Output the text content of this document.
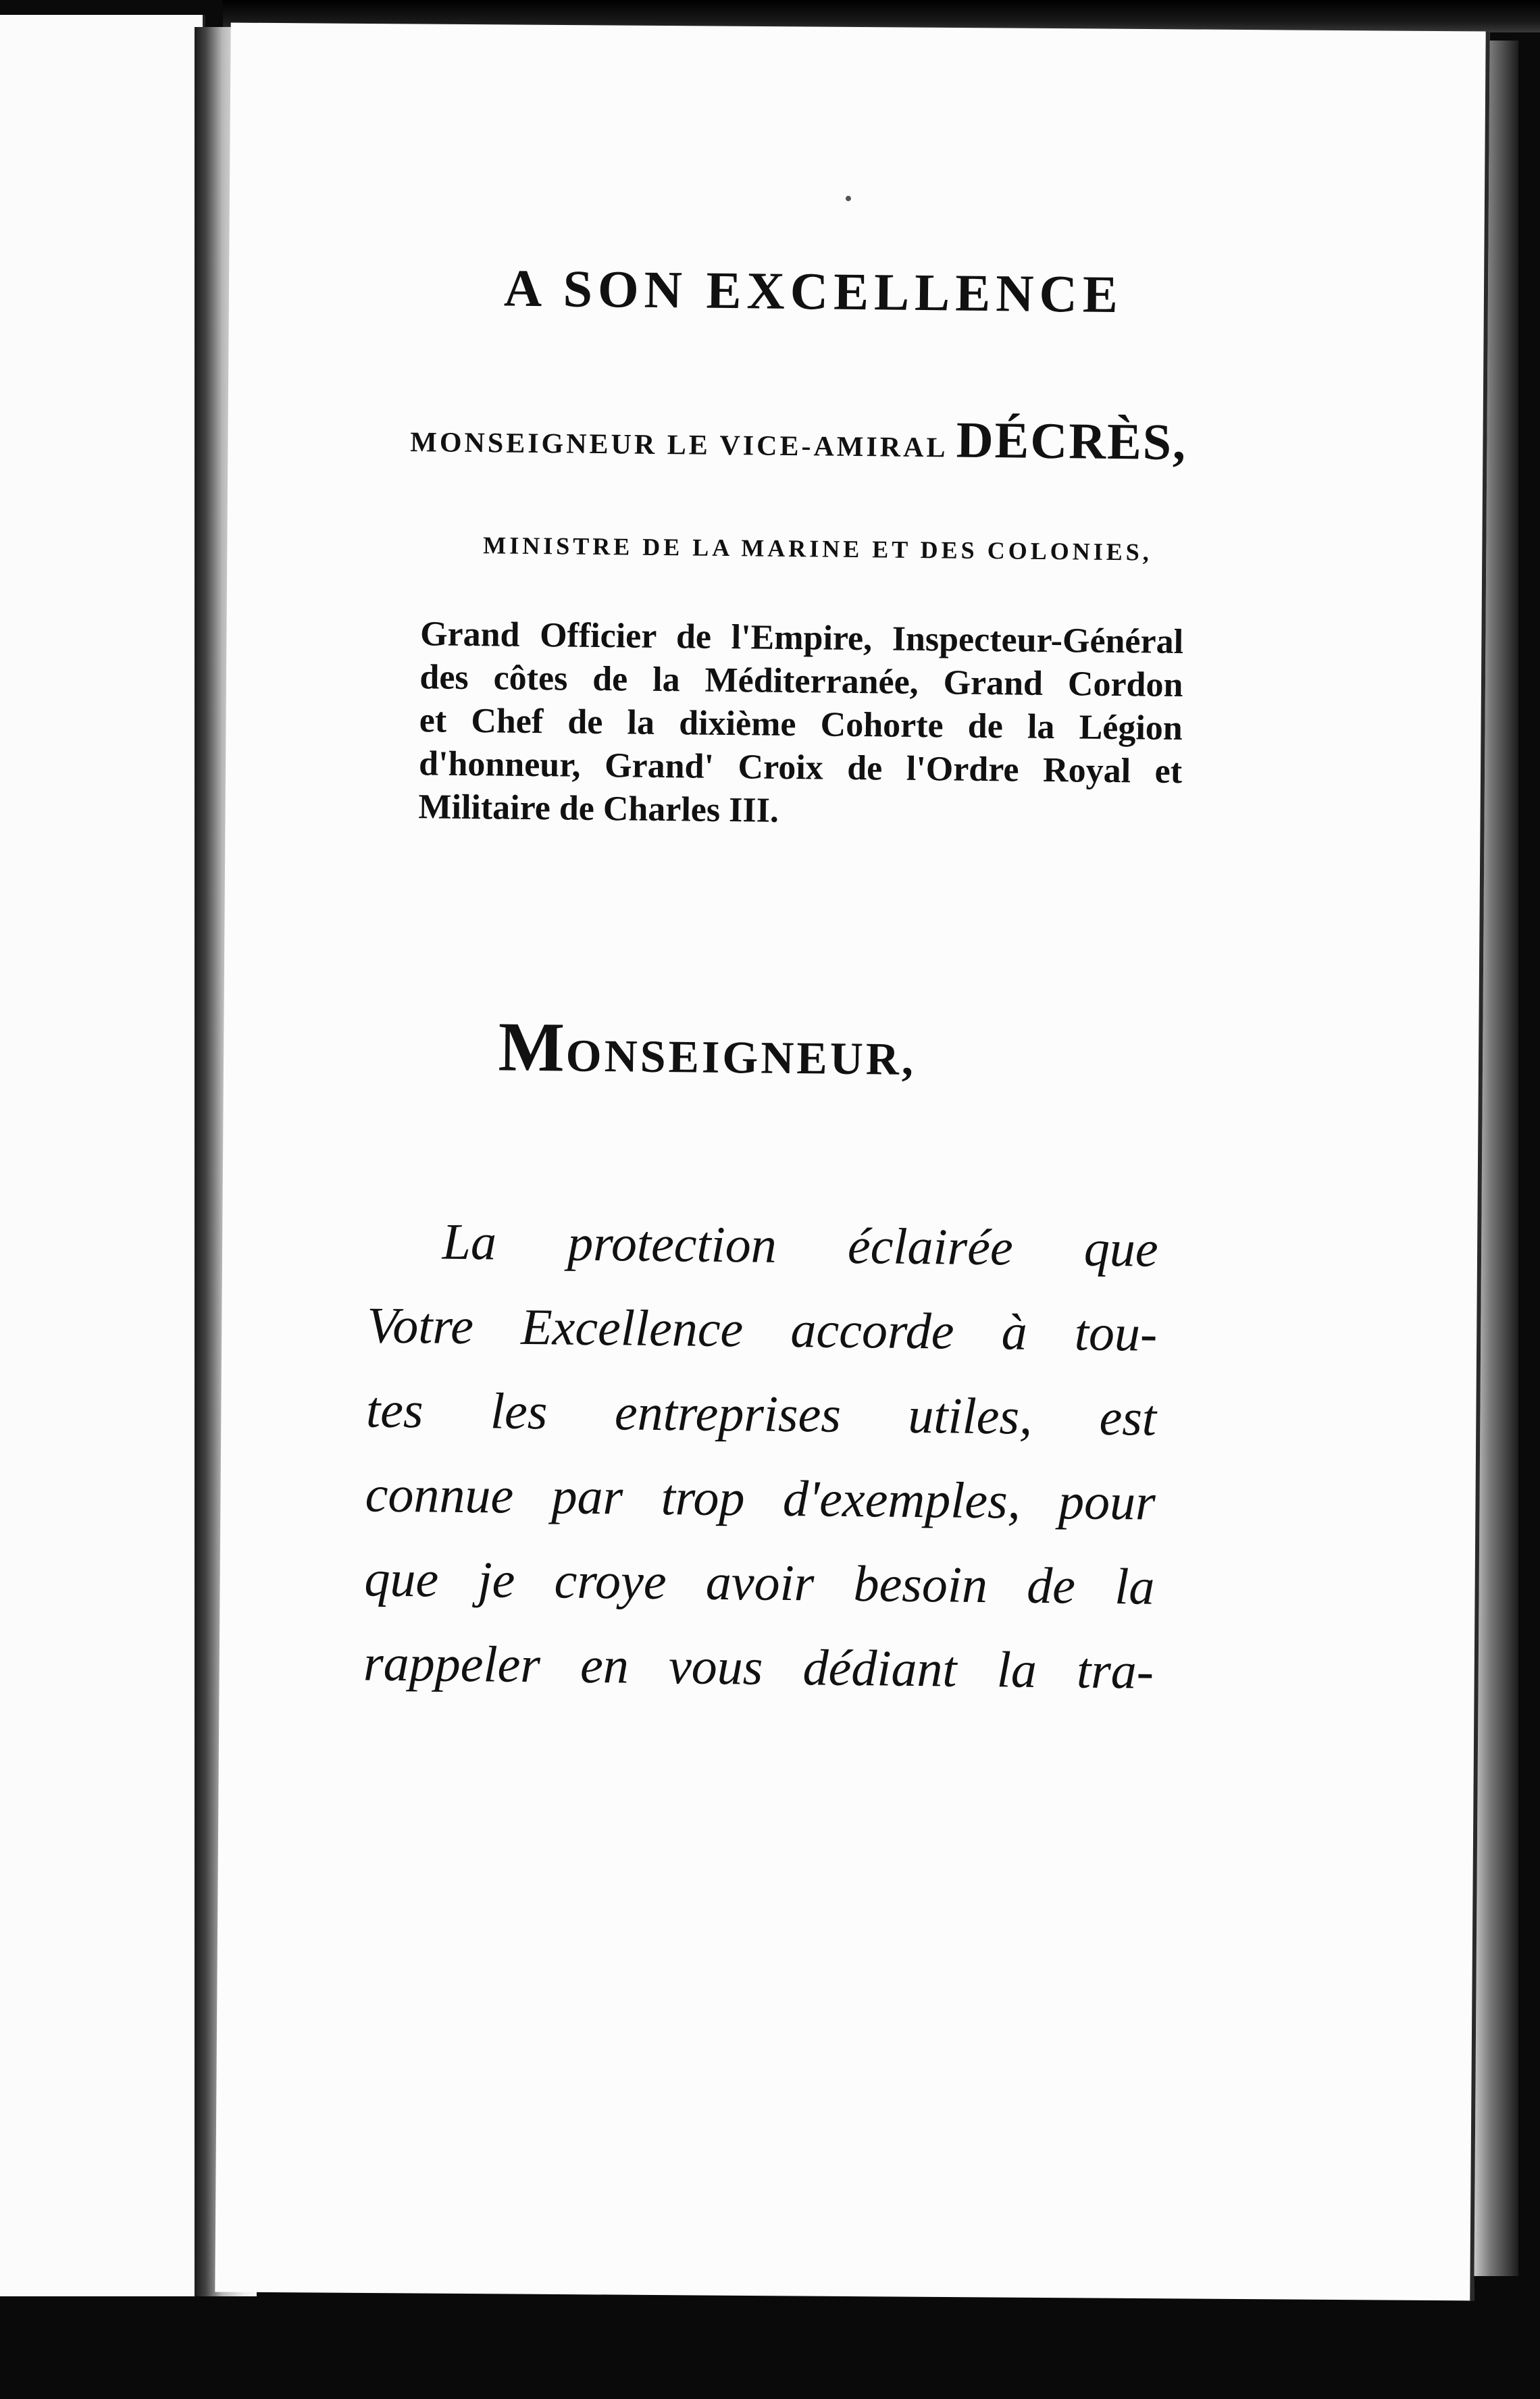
A SON EXCELLENCE

MONSEIGNEUR LE VICE-AMIRAL DÉCRÈS,

MINISTRE DE LA MARINE ET DES COLONIES,

Grand Officier de l'Empire, Inspecteur-Général
des côtes de la Méditerranée, Grand Cordon
et Chef de la dixième Cohorte de la Légion
d'honneur, Grand' Croix de l'Ordre Royal et
Militaire de Charles III.

MONSEIGNEUR,

La protection éclairée que
Votre Excellence accorde à tou-
tes les entreprises utiles, est
connue par trop d'exemples, pour
que je croye avoir besoin de la
rappeler en vous dédiant la tra-
